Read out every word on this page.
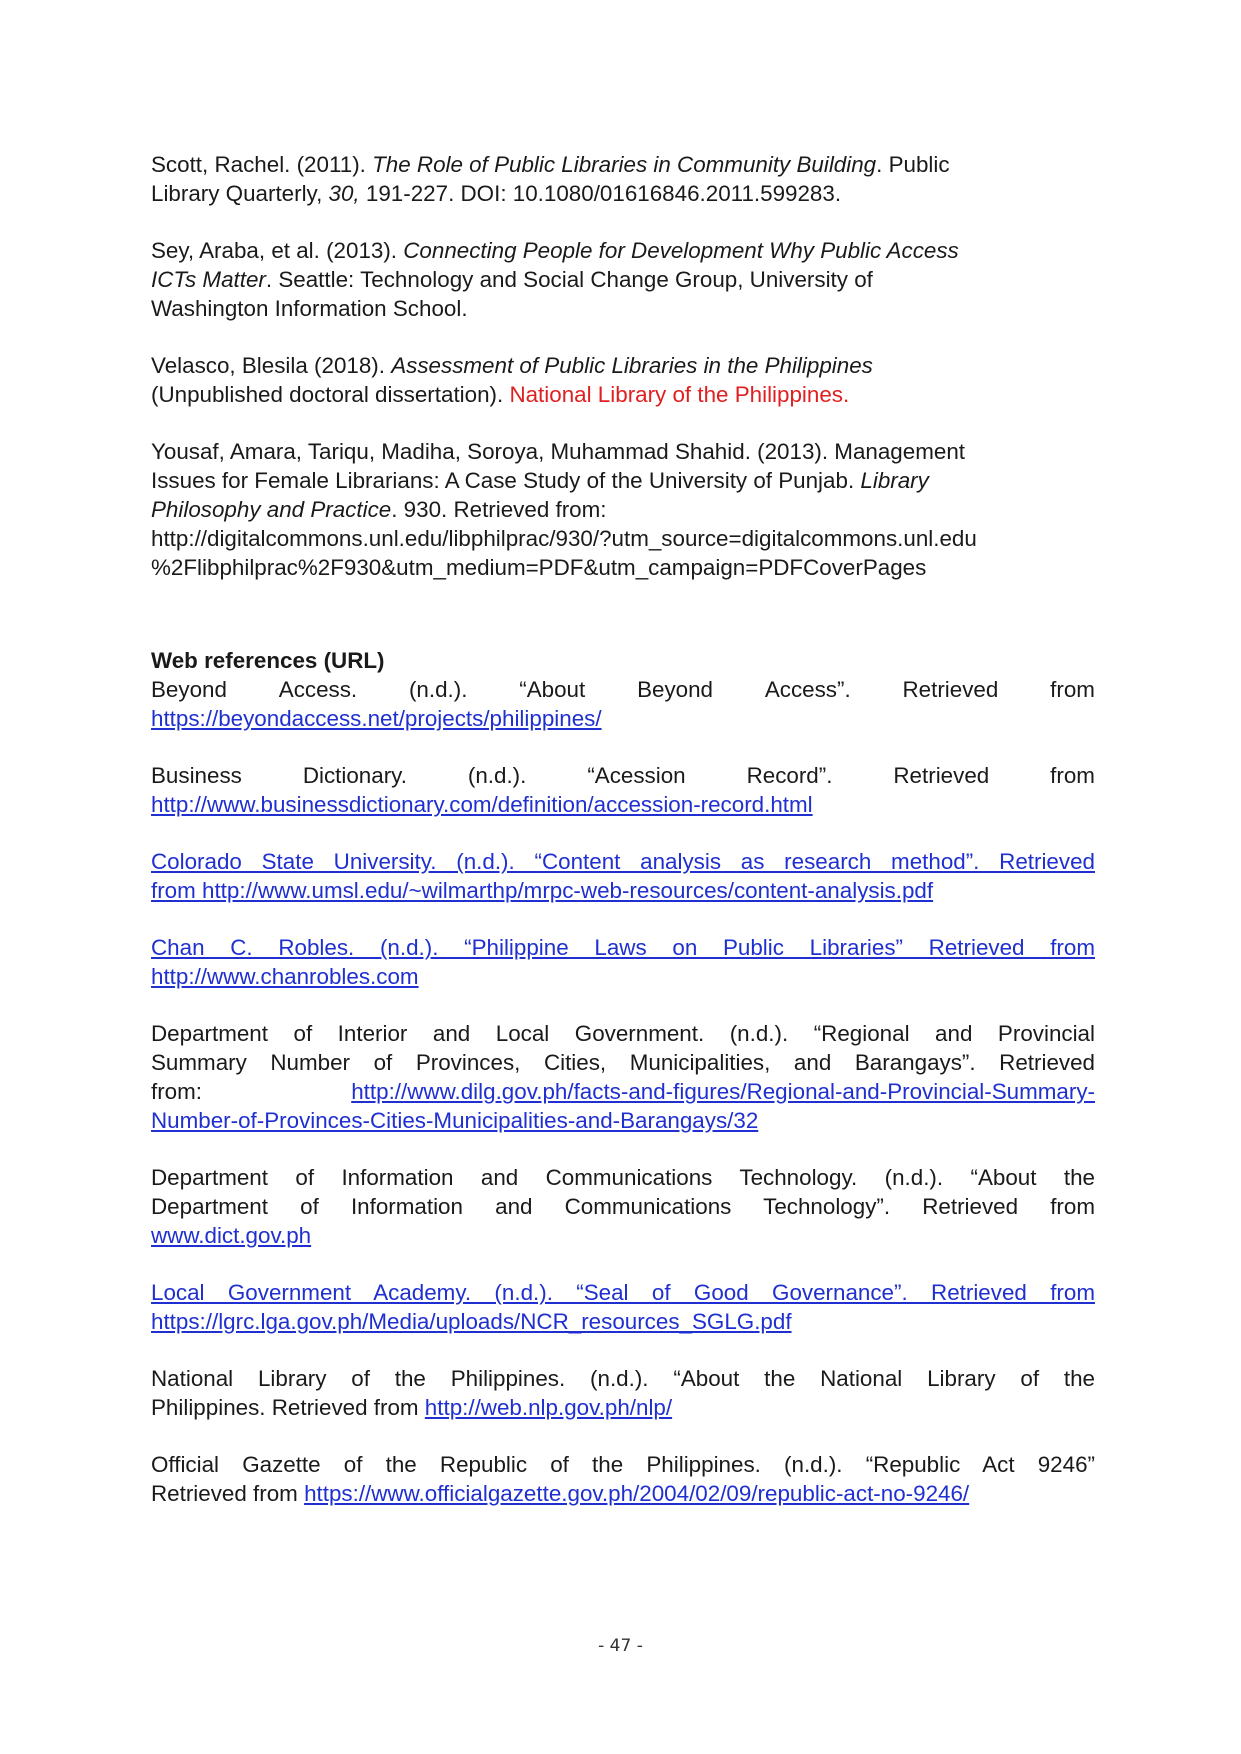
Scott, Rachel. (2011). The Role of Public Libraries in Community Building. Public
Library Quarterly, 30, 191-227. DOI: 10.1080/01616846.2011.599283.
Sey, Araba, et al. (2013). Connecting People for Development Why Public Access
ICTs Matter. Seattle: Technology and Social Change Group, University of
Washington Information School.
Velasco, Blesila (2018). Assessment of Public Libraries in the Philippines
(Unpublished doctoral dissertation). National Library of the Philippines.
Yousaf, Amara, Tariqu, Madiha, Soroya, Muhammad Shahid. (2013). Management
Issues for Female Librarians: A Case Study of the University of Punjab. Library
Philosophy and Practice. 930. Retrieved from:
http://digitalcommons.unl.edu/libphilprac/930/?utm_source=digitalcommons.unl.edu
%2Flibphilprac%2F930&utm_medium=PDF&utm_campaign=PDFCoverPages

Web references (URL)

Beyond Access. (n.d.). “About Beyond Access”. Retrieved from
https://beyondaccess.net/projects/philippines/
Business	Dictionary.	(n.d.).	“Acession	Record”.	Retrieved	from
http://www.businessdictionary.com/definition/accession-record.html
Colorado State University. (n.d.). “Content analysis as research method”. Retrieved
from http://www.umsl.edu/~wilmarthp/mrpc-web-resources/content-analysis.pdf
Chan C. Robles. (n.d.). “Philippine Laws on Public Libraries” Retrieved from
http://www.chanrobles.com
Department of Interior and Local Government. (n.d.). “Regional and Provincial
Summary Number of Provinces, Cities, Municipalities, and Barangays”. Retrieved
from:	http://www.dilg.gov.ph/facts-and-figures/Regional-and-Provincial-Summary-
Number-of-Provinces-Cities-Municipalities-and-Barangays/32
Department of Information and Communications Technology. (n.d.). “About the
Department of Information and Communications Technology”. Retrieved from
www.dict.gov.ph
Local Government Academy. (n.d.). “Seal of Good Governance”. Retrieved from
https://lgrc.lga.gov.ph/Media/uploads/NCR_resources_SGLG.pdf
National Library of the Philippines. (n.d.). “About the National Library of the
Philippines. Retrieved from http://web.nlp.gov.ph/nlp/
Official Gazette of the Republic of the Philippines. (n.d.). “Republic Act 9246”
Retrieved from https://www.officialgazette.gov.ph/2004/02/09/republic-act-no-9246/
- 47 -
